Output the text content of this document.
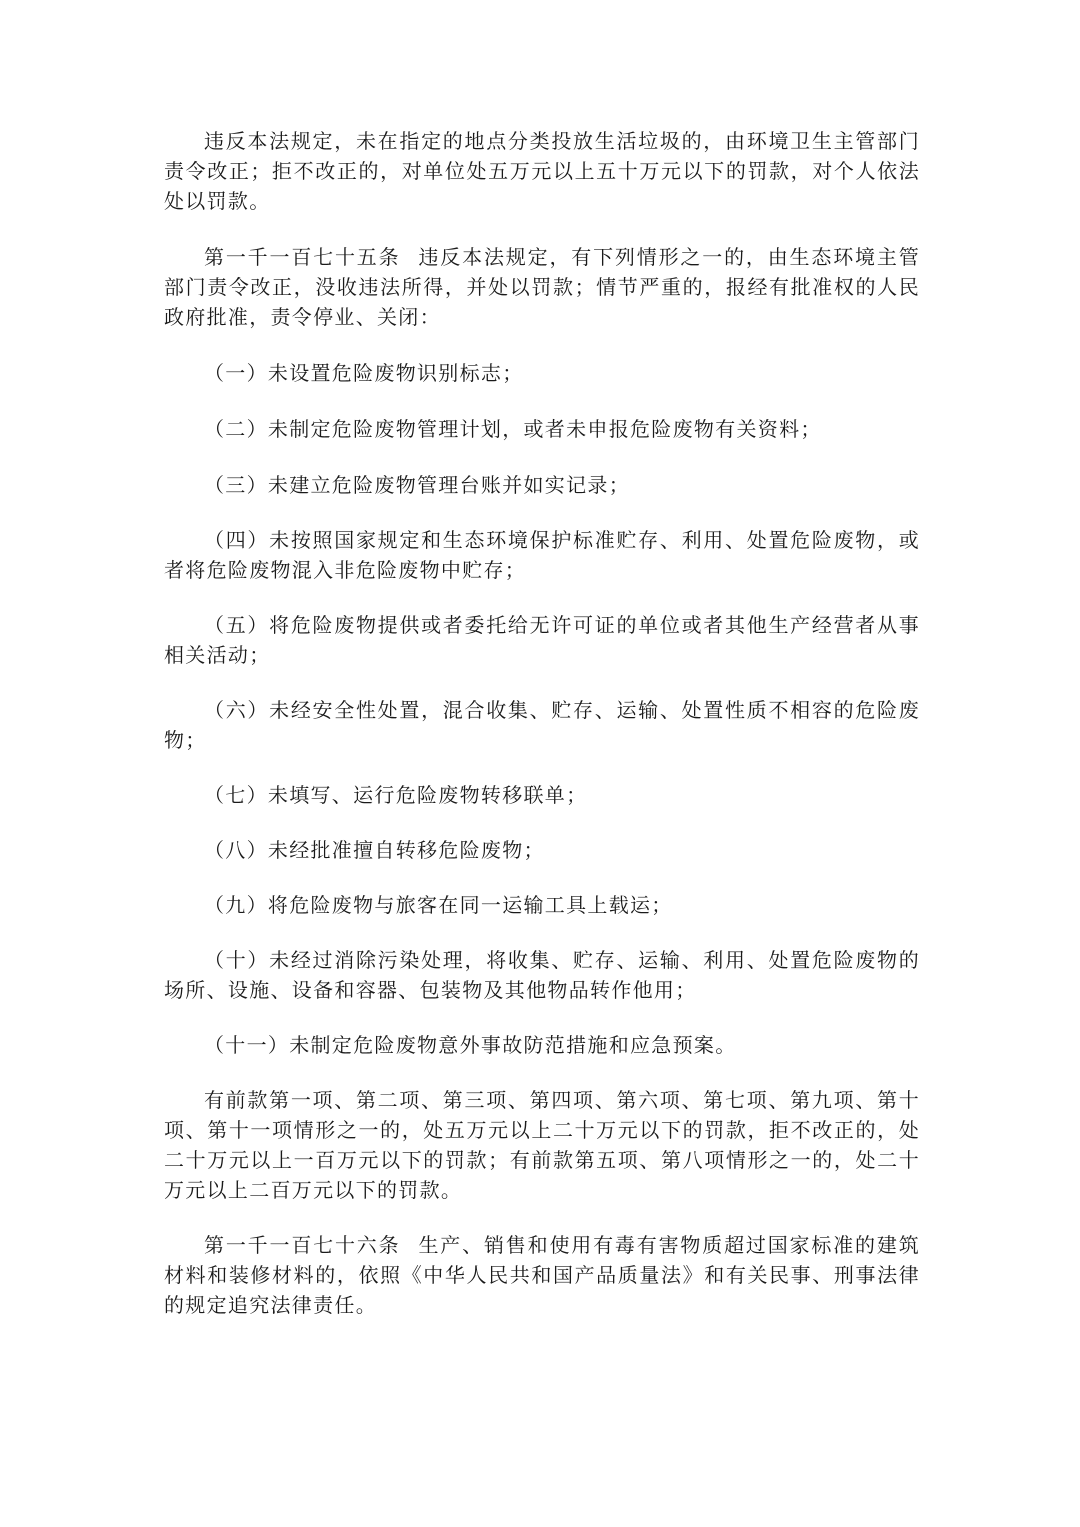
违反本法规定，未在指定的地点分类投放生活垃圾的，由环境卫生主管部门责令改正；拒不改正的，对单位处五万元以上五十万元以下的罚款，对个人依法处以罚款。

第一千一百七十五条 违反本法规定，有下列情形之一的，由生态环境主管部门责令改正，没收违法所得，并处以罚款；情节严重的，报经有批准权的人民政府批准，责令停业、关闭：

（一）未设置危险废物识别标志；

（二）未制定危险废物管理计划，或者未申报危险废物有关资料；

（三）未建立危险废物管理台账并如实记录；

（四）未按照国家规定和生态环境保护标准贮存、利用、处置危险废物，或者将危险废物混入非危险废物中贮存；

（五）将危险废物提供或者委托给无许可证的单位或者其他生产经营者从事相关活动；

（六）未经安全性处置，混合收集、贮存、运输、处置性质不相容的危险废物；

（七）未填写、运行危险废物转移联单；

（八）未经批准擅自转移危险废物；

（九）将危险废物与旅客在同一运输工具上载运；

（十）未经过消除污染处理，将收集、贮存、运输、利用、处置危险废物的场所、设施、设备和容器、包装物及其他物品转作他用；

（十一）未制定危险废物意外事故防范措施和应急预案。

有前款第一项、第二项、第三项、第四项、第六项、第七项、第九项、第十项、第十一项情形之一的，处五万元以上二十万元以下的罚款，拒不改正的，处二十万元以上一百万元以下的罚款；有前款第五项、第八项情形之一的，处二十万元以上二百万元以下的罚款。

第一千一百七十六条 生产、销售和使用有毒有害物质超过国家标准的建筑材料和装修材料的，依照《中华人民共和国产品质量法》和有关民事、刑事法律的规定追究法律责任。
